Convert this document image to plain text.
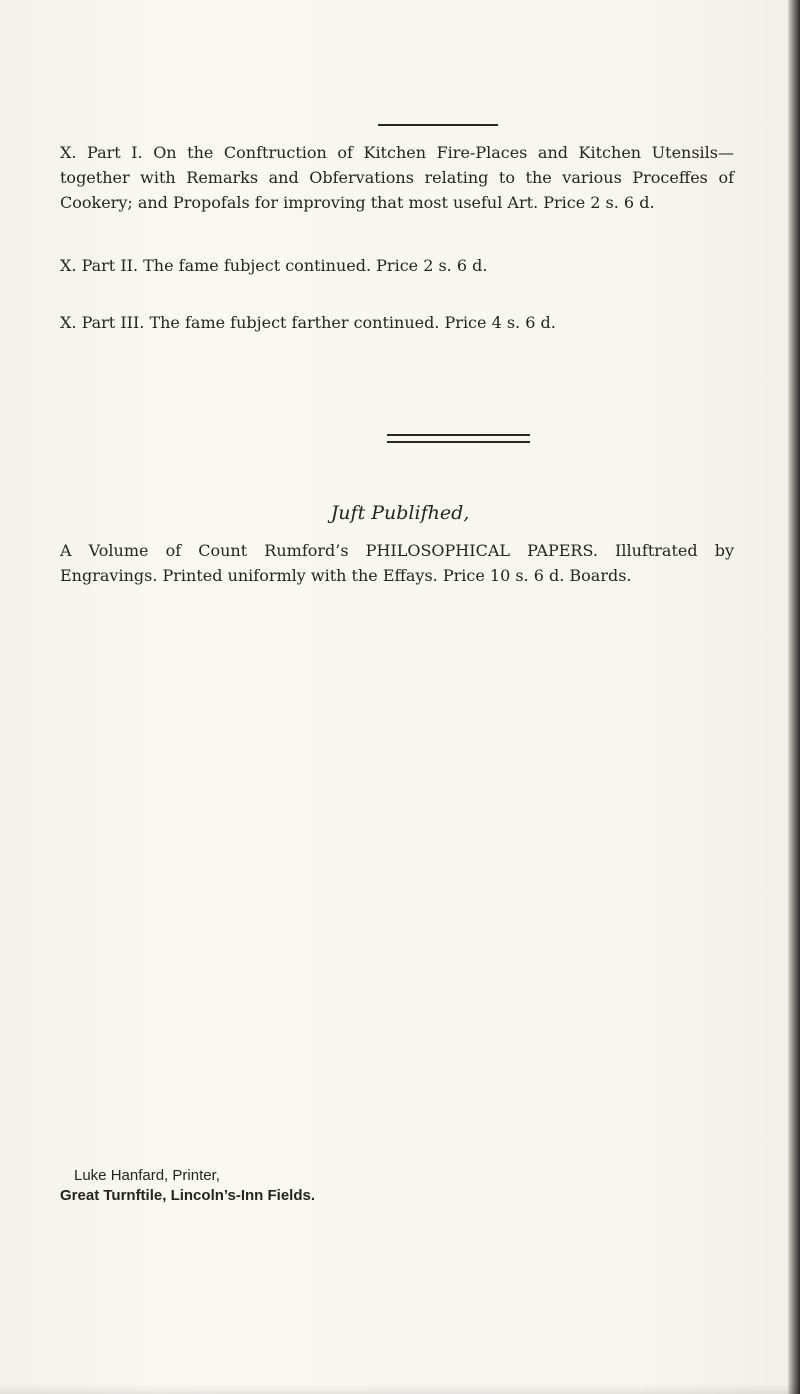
X. Part I. On the Conftruction of Kitchen Fire-Places and Kitchen Utensils—together with Remarks and Obfervations relating to the various Proceffes of Cookery; and Propofals for improving that most useful Art. Price 2 s. 6 d.
X. Part II. The fame fubject continued. Price 2 s. 6 d.
X. Part III. The fame fubject farther continued. Price 4 s. 6 d.
Juft Publifhed,
A Volume of Count Rumford’s PHILOSOPHICAL PAPERS. Illuftrated by Engravings. Printed uniformly with the Effays. Price 10 s. 6 d. Boards.
Luke Hanfard, Printer,
Great Turnftile, Lincoln’s-Inn Fields.
